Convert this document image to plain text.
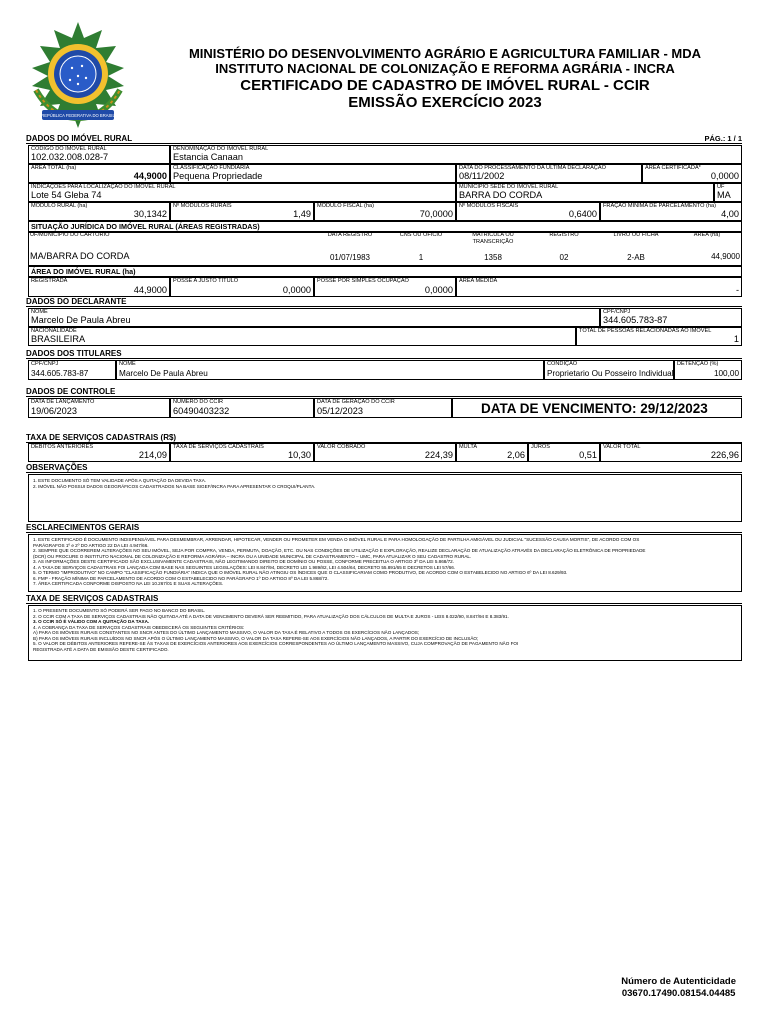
REPÚBLICA FEDERATIVA DO BRASIL
MINISTÉRIO DO DESENVOLVIMENTO AGRÁRIO E AGRICULTURA FAMILIAR - MDA
INSTITUTO NACIONAL DE COLONIZAÇÃO E REFORMA AGRÁRIA - INCRA
CERTIFICADO DE CADASTRO DE IMÓVEL RURAL - CCIR
EMISSÃO EXERCÍCIO 2023
DADOS DO IMÓVEL RURAL	PÁG.: 1 / 1
CÓDIGO DO IMÓVEL RURAL
102.032.008.028-7
DENOMINAÇÃO DO IMÓVEL RURAL
Estancia Canaan
ÁREA TOTAL (ha)
44,9000
CLASSIFICAÇÃO FUNDIÁRIA
Pequena Propriedade
DATA DO PROCESSAMENTO DA ÚLTIMA DECLARAÇÃO
08/11/2002
ÁREA CERTIFICADA*
0,0000
INDICAÇÕES PARA LOCALIZAÇÃO DO IMÓVEL RURAL
Lote 54 Gleba 74
MUNICÍPIO SEDE DO IMÓVEL RURAL
BARRA DO CORDA
UF
MA
MÓDULO RURAL (ha)
30,1342
Nº MÓDULOS RURAIS
1,49
MÓDULO FISCAL (ha)
70,0000
Nº MÓDULOS FISCAIS
0,6400
FRAÇÃO MÍNIMA DE PARCELAMENTO (ha)
4,00
SITUAÇÃO JURÍDICA DO IMÓVEL RURAL (ÁREAS REGISTRADAS)
UF/MUNICÍPIO DO CARTÓRIO
MA/BARRA DO CORDA
DATA REGISTRO
01/07/1983
CNS OU OFÍCIO
1
MATRÍCULA OU TRANSCRIÇÃO
1358
REGISTRO
02
LIVRO OU FICHA
2-AB
ÁREA (ha)
44,9000
ÁREA DO IMÓVEL RURAL (ha)
REGISTRADA
44,9000
POSSE A JUSTO TÍTULO
0,0000
POSSE POR SIMPLES OCUPAÇÃO
0,0000
ÁREA MEDIDA
-
DADOS DO DECLARANTE
NOME
Marcelo De Paula Abreu
CPF/CNPJ
344.605.783-87
NACIONALIDADE
BRASILEIRA
TOTAL DE PESSOAS RELACIONADAS AO IMÓVEL
1
DADOS DOS TITULARES
CPF/CNPJ
344.605.783-87
NOME
Marcelo De Paula Abreu
CONDIÇÃO
Proprietario Ou Posseiro Individual
DETENÇÃO (%)
100,00
DADOS DE CONTROLE
DATA DE LANÇAMENTO
19/06/2023
NÚMERO DO CCIR
60490403232
DATA DE GERAÇÃO DO CCIR
05/12/2023	DATA DE VENCIMENTO: 29/12/2023
TAXA DE SERVIÇOS CADASTRAIS (R$)
DÉBITOS ANTERIORES
214,09
TAXA DE SERVIÇOS CADASTRAIS
10,30
VALOR COBRADO
224,39
MULTA
2,06
JUROS
0,51
VALOR TOTAL
226,96
OBSERVAÇÕES
1. ESTE DOCUMENTO SÓ TEM VALIDADE APÓS A QUITAÇÃO DA DEVIDA TAXA.
2. IMÓVEL NÃO POSSUI DADOS GEOGRÁFICOS CADASTRADOS NA BASE SIGEF/INCRA PARA APRESENTAR O CROQUI/PLANTA.
ESCLARECIMENTOS GERAIS
1. ESTE CERTIFICADO É DOCUMENTO INDISPENSÁVEL PARA DESMEMBRAR, ARRENDAR, HIPOTECAR, VENDER OU PROMETER EM VENDA O IMÓVEL RURAL E PARA HOMOLOGAÇÃO DE PARTILHA AMIGÁVEL OU JUDICIAL "SUCESSÃO CAUSA MORTIS", DE ACORDO COM OS
PARÁGRAFOS 1º e 2º DO ARTIGO 22 DA LEI 4.947/66.
2. SEMPRE QUE OCORREREM ALTERAÇÕES NO SEU IMÓVEL, SEJA POR COMPRA, VENDA, PERMUTA, DOAÇÃO, ETC. OU NAS CONDIÇÕES DE UTILIZAÇÃO E EXPLORAÇÃO, REALIZE DECLARAÇÃO DE ATUALIZAÇÃO ATRAVÉS DA DECLARAÇÃO ELETRÔNICA DE PROPRIEDADE
(DCR) OU PROCURE O INSTITUTO NACIONAL DE COLONIZAÇÃO E REFORMA AGRÁRIA – INCRA OU A UNIDADE MUNICIPAL DE CADASTRAMENTO – UMC, PARA ATUALIZAR O SEU CADASTRO RURAL.
3. AS INFORMAÇÕES DESTE CERTIFICADO SÃO EXCLUSIVAMENTE CADASTRAIS, NÃO LEGITIMANDO DIREITO DE DOMÍNIO OU POSSE, CONFORME PRECEITUA O ARTIGO 3º DA LEI 5.868/72.
4. A TAXA DE SERVIÇOS CADASTRAIS FOI LANÇADA COM BASE NAS SEGUINTES LEGISLAÇÕES: LEI 8.847/94, DECRETO LEI 1.989/82, LEI 4.504/64, DECRETO 55.891/65 E DECRETOS LEI 57/66.
5. O TERMO "IMPRODUTIVO" NO CAMPO "CLASSIFICAÇÃO FUNDIÁRIA" INDICA QUE O IMÓVEL RURAL NÃO ATINGIU OS ÍNDICES QUE O CLASSIFICARIAM COMO PRODUTIVO, DE ACORDO COM O ESTABELECIDO NO ARTIGO 6º DA LEI 8.629/93.
6. FMP - FRAÇÃO MÍNIMA DE PARCELAMENTO DE ACORDO COM O ESTABELECIDO NO PARÁGRAFO 1º DO ARTIGO 8º DA LEI 5.868/72.
7. ÁREA CERTIFICADA CONFORME DISPOSTO NA LEI 10.267/01 E SUAS ALTERAÇÕES.
TAXA DE SERVIÇOS CADASTRAIS
1. O PRESENTE DOCUMENTO SÓ PODERÁ SER PAGO NO BANCO DO BRASIL.
2. O CCIR COM A TAXA DE SERVIÇOS CADASTRAIS NÃO QUITADA ATÉ A DATA DE VENCIMENTO DEVERÁ SER REEMITIDO, PARA ATUALIZAÇÃO DOS CÁLCULOS DE MULTA E JUROS - LEIS 8.022/90, 8.847/94 E 8.383/91.
3. O CCIR SÓ É VÁLIDO COM A QUITAÇÃO DA TAXA.
4. A COBRANÇA DA TAXA DE SERVIÇOS CADASTRAIS OBEDECERÁ OS SEGUINTES CRITÉRIOS:
A) PARA OS IMÓVEIS RURAIS CONSTANTES NO SNCR ANTES DO ÚLTIMO LANÇAMENTO MASSIVO, O VALOR DA TAXA É RELATIVO A TODOS OS EXERCÍCIOS NÃO LANÇADOS;
B) PARA OS IMÓVEIS RURAIS INCLUÍDOS NO SNCR APÓS O ÚLTIMO LANÇAMENTO MASSIVO, O VALOR DA TAXA REFERE-SE AOS EXERCÍCIOS NÃO LANÇADOS, A PARTIR DO EXERCÍCIO DE INCLUSÃO;
5. O VALOR DE DÉBITOS ANTERIORES REFERE-SE ÀS TAXAS DE EXERCÍCIOS ANTERIORES AOS EXERCÍCIOS CORRESPONDENTES AO ÚLTIMO LANÇAMENTO MASSIVO, CUJA COMPROVAÇÃO DE PAGAMENTO NÃO FOI
REGISTRADA ATÉ A DATA DE EMISSÃO DESTE CERTIFICADO.
Número de Autenticidade
03670.17490.08154.04485
